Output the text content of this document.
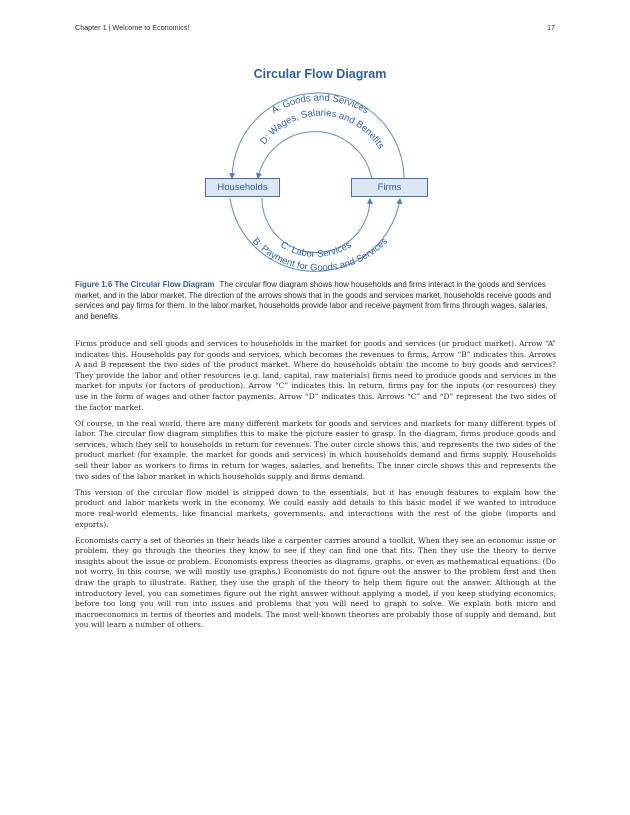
Chapter 1 | Welcome to Economics!	17
Circular Flow Diagram
A: Goods and Services
D: Wages, Salaries and Benefits
C: Labor Services
B: Payment for Goods and Services
Households	Firms
Figure 1.6 The Circular Flow Diagram The circular flow diagram shows how households and firms interact in the goods and services market, and in the labor market. The direction of the arrows shows that in the goods and services market, households receive goods and services and pay firms for them. In the labor market, households provide labor and receive payment from firms through wages, salaries, and benefits.

Firms produce and sell goods and services to households in the market for goods and services (or product market). Arrow “A” indicates this. Households pay for goods and services, which becomes the revenues to firms. Arrow “B” indicates this. Arrows A and B represent the two sides of the product market. Where do households obtain the income to buy goods and services? They provide the labor and other resources (e.g. land, capital, raw materials) firms need to produce goods and services in the market for inputs (or factors of production). Arrow “C” indicates this. In return, firms pay for the inputs (or resources) they use in the form of wages and other factor payments. Arrow “D” indicates this. Arrows “C” and “D” represent the two sides of the factor market.

Of course, in the real world, there are many different markets for goods and services and markets for many different types of labor. The circular flow diagram simplifies this to make the picture easier to grasp. In the diagram, firms produce goods and services, which they sell to households in return for revenues. The outer circle shows this, and represents the two sides of the product market (for example, the market for goods and services) in which households demand and firms supply. Households sell their labor as workers to firms in return for wages, salaries, and benefits. The inner circle shows this and represents the two sides of the labor market in which households supply and firms demand.

This version of the circular flow model is stripped down to the essentials, but it has enough features to explain how the product and labor markets work in the economy. We could easily add details to this basic model if we wanted to introduce more real-world elements, like financial markets, governments, and interactions with the rest of the globe (imports and exports).

Economists carry a set of theories in their heads like a carpenter carries around a toolkit. When they see an economic issue or problem, they go through the theories they know to see if they can find one that fits. Then they use the theory to derive insights about the issue or problem. Economists express theories as diagrams, graphs, or even as mathematical equations. (Do not worry. In this course, we will mostly use graphs.) Economists do not figure out the answer to the problem first and then draw the graph to illustrate. Rather, they use the graph of the theory to help them figure out the answer. Although at the introductory level, you can sometimes figure out the right answer without applying a model, if you keep studying economics, before too long you will run into issues and problems that you will need to graph to solve. We explain both micro and macroeconomics in terms of theories and models. The most well-known theories are probably those of supply and demand, but you will learn a number of others.
